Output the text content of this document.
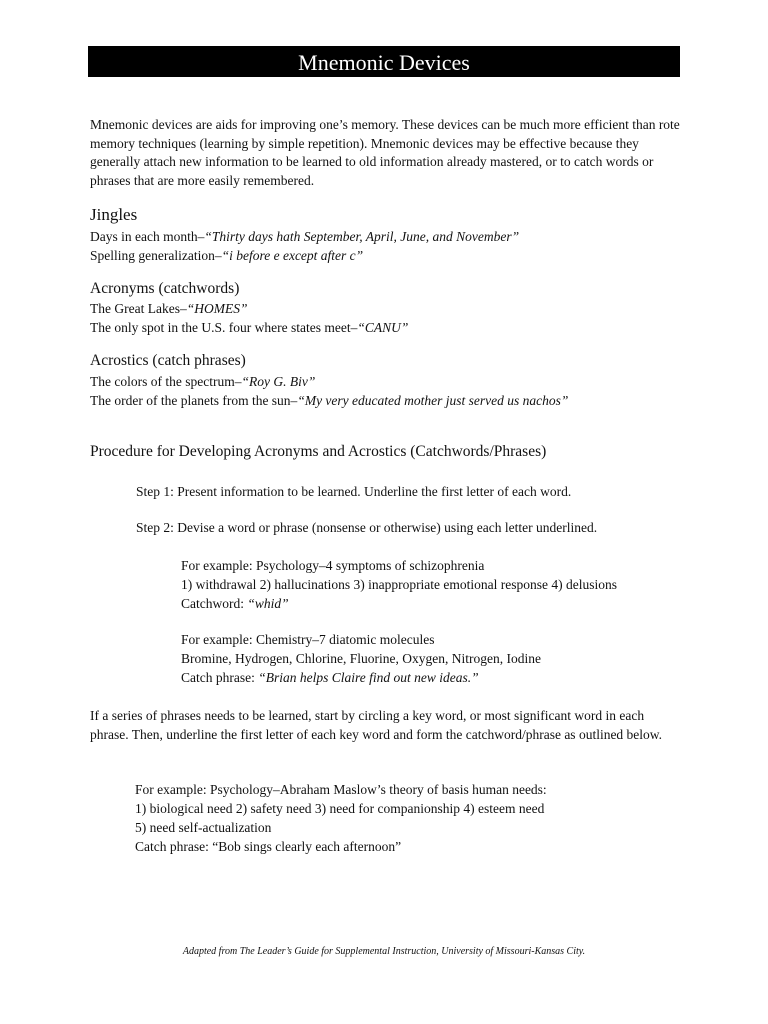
Mnemonic Devices
Mnemonic devices are aids for improving one’s memory. These devices can be much more efficient than rote memory techniques (learning by simple repetition). Mnemonic devices may be effective because they generally attach new information to be learned to old information already mastered, or to catch words or phrases that are more easily remembered.
Jingles
Days in each month–“Thirty days hath September, April, June, and November”
Spelling generalization–“i before e except after c”
Acronyms (catchwords)
The Great Lakes–“HOMES”
The only spot in the U.S. four where states meet–“CANU”
Acrostics (catch phrases)
The colors of the spectrum–“Roy G. Biv”
The order of the planets from the sun–“My very educated mother just served us nachos”
Procedure for Developing Acronyms and Acrostics (Catchwords/Phrases)
Step 1: Present information to be learned. Underline the first letter of each word.
Step 2: Devise a word or phrase (nonsense or otherwise) using each letter underlined.
For example: Psychology–4 symptoms of schizophrenia
1) withdrawal 2) hallucinations 3) inappropriate emotional response 4) delusions
Catchword: “whid”
For example: Chemistry–7 diatomic molecules
Bromine, Hydrogen, Chlorine, Fluorine, Oxygen, Nitrogen, Iodine
Catch phrase: “Brian helps Claire find out new ideas.”
If a series of phrases needs to be learned, start by circling a key word, or most significant word in each phrase. Then, underline the first letter of each key word and form the catchword/phrase as outlined below.
For example: Psychology–Abraham Maslow’s theory of basis human needs:
1) biological need 2) safety need 3) need for companionship 4) esteem need
5) need self-actualization
Catch phrase: “Bob sings clearly each afternoon”
Adapted from The Leader’s Guide for Supplemental Instruction, University of Missouri-Kansas City.
